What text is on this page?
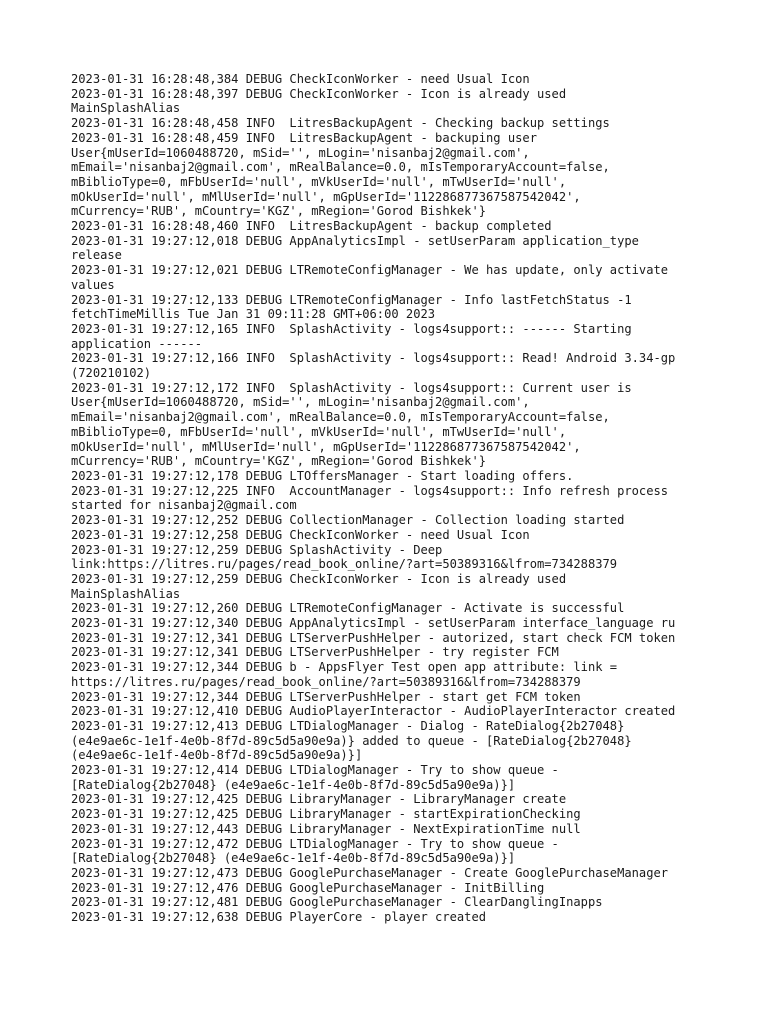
2023-01-31 16:28:48,384 DEBUG CheckIconWorker - need Usual Icon
2023-01-31 16:28:48,397 DEBUG CheckIconWorker - Icon is already used
MainSplashAlias
2023-01-31 16:28:48,458 INFO  LitresBackupAgent - Checking backup settings
2023-01-31 16:28:48,459 INFO  LitresBackupAgent - backuping user
User{mUserId=1060488720, mSid='', mLogin='nisanbaj2@gmail.com',
mEmail='nisanbaj2@gmail.com', mRealBalance=0.0, mIsTemporaryAccount=false,
mBiblioType=0, mFbUserId='null', mVkUserId='null', mTwUserId='null',
mOkUserId='null', mMlUserId='null', mGpUserId='112286877367587542042',
mCurrency='RUB', mCountry='KGZ', mRegion='Gorod Bishkek'}
2023-01-31 16:28:48,460 INFO  LitresBackupAgent - backup completed
2023-01-31 19:27:12,018 DEBUG AppAnalyticsImpl - setUserParam application_type
release
2023-01-31 19:27:12,021 DEBUG LTRemoteConfigManager - We has update, only activate
values
2023-01-31 19:27:12,133 DEBUG LTRemoteConfigManager - Info lastFetchStatus -1
fetchTimeMillis Tue Jan 31 09:11:28 GMT+06:00 2023
2023-01-31 19:27:12,165 INFO  SplashActivity - logs4support:: ------ Starting
application ------
2023-01-31 19:27:12,166 INFO  SplashActivity - logs4support:: Read! Android 3.34-gp
(720210102)
2023-01-31 19:27:12,172 INFO  SplashActivity - logs4support:: Current user is
User{mUserId=1060488720, mSid='', mLogin='nisanbaj2@gmail.com',
mEmail='nisanbaj2@gmail.com', mRealBalance=0.0, mIsTemporaryAccount=false,
mBiblioType=0, mFbUserId='null', mVkUserId='null', mTwUserId='null',
mOkUserId='null', mMlUserId='null', mGpUserId='112286877367587542042',
mCurrency='RUB', mCountry='KGZ', mRegion='Gorod Bishkek'}
2023-01-31 19:27:12,178 DEBUG LTOffersManager - Start loading offers.
2023-01-31 19:27:12,225 INFO  AccountManager - logs4support:: Info refresh process
started for nisanbaj2@gmail.com
2023-01-31 19:27:12,252 DEBUG CollectionManager - Collection loading started
2023-01-31 19:27:12,258 DEBUG CheckIconWorker - need Usual Icon
2023-01-31 19:27:12,259 DEBUG SplashActivity - Deep
link:https://litres.ru/pages/read_book_online/?art=50389316&lfrom=734288379
2023-01-31 19:27:12,259 DEBUG CheckIconWorker - Icon is already used
MainSplashAlias
2023-01-31 19:27:12,260 DEBUG LTRemoteConfigManager - Activate is successful
2023-01-31 19:27:12,340 DEBUG AppAnalyticsImpl - setUserParam interface_language ru
2023-01-31 19:27:12,341 DEBUG LTServerPushHelper - autorized, start check FCM token
2023-01-31 19:27:12,341 DEBUG LTServerPushHelper - try register FCM
2023-01-31 19:27:12,344 DEBUG b - AppsFlyer Test open app attribute: link =
https://litres.ru/pages/read_book_online/?art=50389316&lfrom=734288379
2023-01-31 19:27:12,344 DEBUG LTServerPushHelper - start get FCM token
2023-01-31 19:27:12,410 DEBUG AudioPlayerInteractor - AudioPlayerInteractor created
2023-01-31 19:27:12,413 DEBUG LTDialogManager - Dialog - RateDialog{2b27048}
(e4e9ae6c-1e1f-4e0b-8f7d-89c5d5a90e9a)} added to queue - [RateDialog{2b27048}
(e4e9ae6c-1e1f-4e0b-8f7d-89c5d5a90e9a)}]
2023-01-31 19:27:12,414 DEBUG LTDialogManager - Try to show queue -
[RateDialog{2b27048} (e4e9ae6c-1e1f-4e0b-8f7d-89c5d5a90e9a)}]
2023-01-31 19:27:12,425 DEBUG LibraryManager - LibraryManager create
2023-01-31 19:27:12,425 DEBUG LibraryManager - startExpirationChecking
2023-01-31 19:27:12,443 DEBUG LibraryManager - NextExpirationTime null
2023-01-31 19:27:12,472 DEBUG LTDialogManager - Try to show queue -
[RateDialog{2b27048} (e4e9ae6c-1e1f-4e0b-8f7d-89c5d5a90e9a)}]
2023-01-31 19:27:12,473 DEBUG GooglePurchaseManager - Create GooglePurchaseManager
2023-01-31 19:27:12,476 DEBUG GooglePurchaseManager - InitBilling
2023-01-31 19:27:12,481 DEBUG GooglePurchaseManager - ClearDanglingInapps
2023-01-31 19:27:12,638 DEBUG PlayerCore - player created
